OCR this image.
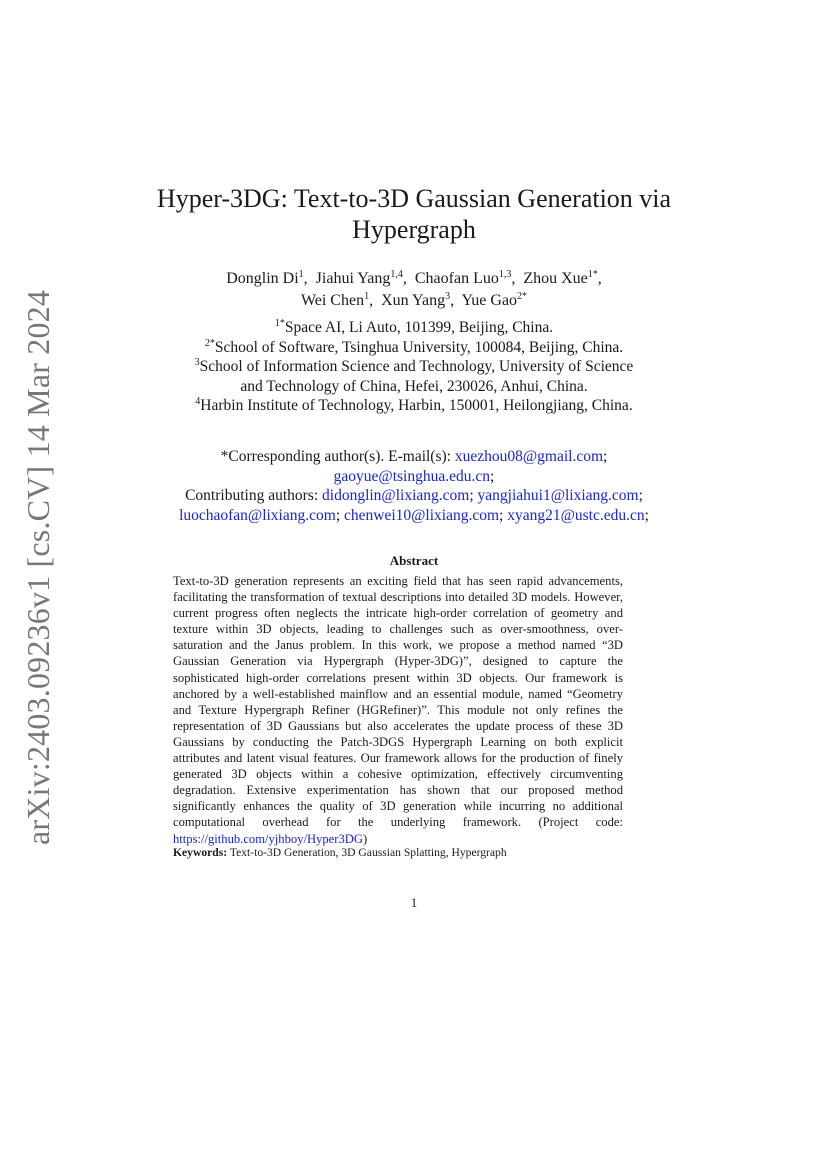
arXiv:2403.09236v1 [cs.CV] 14 Mar 2024
Hyper-3DG: Text-to-3D Gaussian Generation via
Hypergraph
Donglin Di$^1$,  Jiahui Yang$^{1,4}$,  Chaofan Luo$^{1,3}$,  Zhou Xue$^{1*}$,
Wei Chen$^1$,  Xun Yang$^3$,  Yue Gao$^{2*}$
$^{1*}$Space AI, Li Auto, 101399, Beijing, China.
$^{2*}$School of Software, Tsinghua University, 100084, Beijing, China.
$^3$School of Information Science and Technology, University of Science
and Technology of China, Hefei, 230026, Anhui, China.
$^4$Harbin Institute of Technology, Harbin, 150001, Heilongjiang, China.
*Corresponding author(s). E-mail(s): xuezhou08@gmail.com;
gaoyue@tsinghua.edu.cn;
Contributing authors: didonglin@lixiang.com; yangjiahui1@lixiang.com;
luochaofan@lixiang.com; chenwei10@lixiang.com; xyang21@ustc.edu.cn;
Abstract
Text-to-3D generation represents an exciting field that has seen rapid advancements, facilitating the transformation of textual descriptions into detailed 3D models. However, current progress often neglects the intricate high-order correlation of geometry and texture within 3D objects, leading to challenges such as over-smoothness, over-saturation and the Janus problem. In this work, we propose a method named “3D Gaussian Generation via Hypergraph (Hyper-3DG)”, designed to capture the sophisticated high-order correlations present within 3D objects. Our framework is anchored by a well-established mainflow and an essential module, named “Geometry and Texture Hypergraph Refiner (HGRefiner)”. This module not only refines the representation of 3D Gaussians but also accelerates the update process of these 3D Gaussians by conducting the Patch-3DGS Hypergraph Learning on both explicit attributes and latent visual features. Our framework allows for the production of finely generated 3D objects within a cohesive optimization, effectively circumventing degradation. Extensive experimentation has shown that our proposed method significantly enhances the quality of 3D generation while incurring no additional computational overhead for the underlying framework. (Project code: https://github.com/yjhboy/Hyper3DG)
Keywords: Text-to-3D Generation, 3D Gaussian Splatting, Hypergraph
1
